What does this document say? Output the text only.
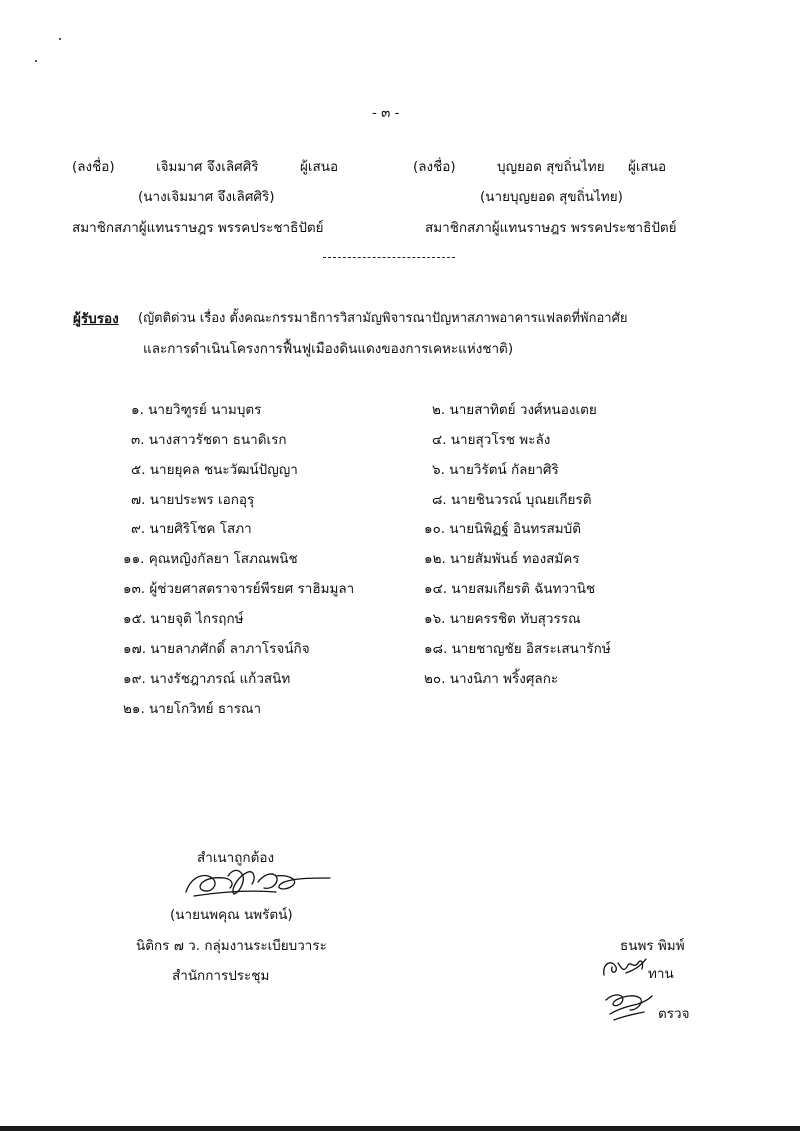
- ๓ -
(ลงชื่อ)	เจิมมาศ จึงเลิศศิริ	ผู้เสนอ
(นางเจิมมาศ จึงเลิศศิริ)
สมาชิกสภาผู้แทนราษฎร พรรคประชาธิปัตย์
(ลงชื่อ)	บุญยอด สุขถิ่นไทย ผู้เสนอ
(นายบุญยอด สุขถิ่นไทย)
สมาชิกสภาผู้แทนราษฎร พรรคประชาธิปัตย์
ผู้รับรอง (ญัตติด่วน เรื่อง ตั้งคณะกรรมาธิการวิสามัญพิจารณาปัญหาสภาพอาคารแฟลตที่พักอาศัย
และการดำเนินโครงการฟื้นฟูเมืองดินแดงของการเคหะแห่งชาติ)
๑. นายวิฑูรย์ นามบุตร	๒. นายสาทิตย์ วงศ์หนองเตย
๓. นางสาวรัชดา ธนาดิเรก	๔. นายสุวโรช พะลัง
๕. นายยุคล ชนะวัฒน์ปัญญา	๖. นายวิรัตน์ กัลยาศิริ
๗. นายประพร เอกอุรุ	๘. นายชินวรณ์ บุณยเกียรติ
๙. นายศิริโชค โสภา	๑๐. นายนิพิฏฐ์ อินทรสมบัติ
๑๑. คุณหญิงกัลยา โสภณพนิช	๑๒. นายสัมพันธ์ ทองสมัคร
๑๓. ผู้ช่วยศาสตราจารย์พีรยศ ราฮิมมูลา	๑๔. นายสมเกียรติ ฉันทวานิช
๑๕. นายจุติ ไกรฤกษ์	๑๖. นายครรชิต ทับสุวรรณ
๑๗. นายลาภศักดิ์ ลาภาโรจน์กิจ	๑๘. นายชาญชัย อิสระเสนารักษ์
๑๙. นางรัชฎาภรณ์ แก้วสนิท	๒๐. นางนิภา พริ้งศุลกะ
๒๑. นายโกวิทย์ ธารณา
สำเนาถูกต้อง
(นายนพคุณ นพรัตน์)
นิติกร ๗ ว. กลุ่มงานระเบียบวาระ
สำนักการประชุม
ธนพร พิมพ์
ทาน
ตรวจ
